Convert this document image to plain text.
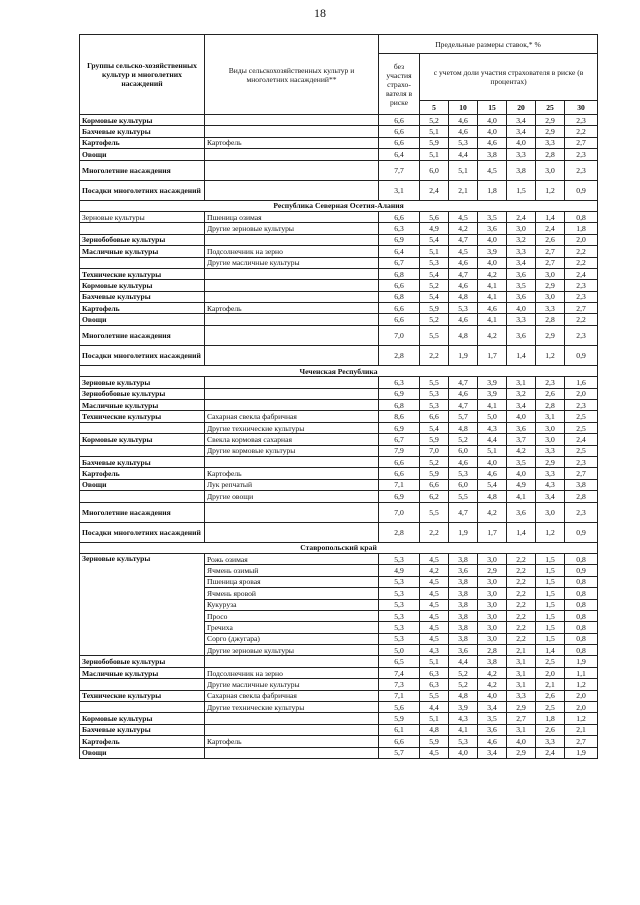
18
Группы сельско-хозяйственных культур и многолетних насаждений	Виды сельскохозяйственных культур и многолетних насаждений**	Предельные размеры ставок,* %						
		без участия страхо-вателя в риске	с учетом доли участия страхователя в риске (в процентах)					
			5	10	15	20	25	30
Кормовые культуры		6,6	5,2	4,6	4,0	3,4	2,9	2,3
Бахчевые культуры		6,6	5,1	4,6	4,0	3,4	2,9	2,2
Картофель	Картофель	6,6	5,9	5,3	4,6	4,0	3,3	2,7
Овощи		6,4	5,1	4,4	3,8	3,3	2,8	2,3
Многолетние насаждения		7,7	6,0	5,1	4,5	3,8	3,0	2,3
Посадки многолетних насаждений		3,1	2,4	2,1	1,8	1,5	1,2	0,9
Республика Северная Осетия-Алания								
Зерновые культуры	Пшеница озимая	6,6	5,6	4,5	3,5	2,4	1,4	0,8
	Другие зерновые культуры	6,3	4,9	4,2	3,6	3,0	2,4	1,8
Зернобобовые культуры		6,9	5,4	4,7	4,0	3,2	2,6	2,0
Масличные культуры	Подсолнечник на зерно	6,4	5,1	4,5	3,9	3,3	2,7	2,2
	Другие масличные культуры	6,7	5,3	4,6	4,0	3,4	2,7	2,2
Технические культуры		6,8	5,4	4,7	4,2	3,6	3,0	2,4
Кормовые культуры		6,6	5,2	4,6	4,1	3,5	2,9	2,3
Бахчевые культуры		6,8	5,4	4,8	4,1	3,6	3,0	2,3
Картофель	Картофель	6,6	5,9	5,3	4,6	4,0	3,3	2,7
Овощи		6,6	5,2	4,6	4,1	3,3	2,8	2,2
Многолетние насаждения		7,0	5,5	4,8	4,2	3,6	2,9	2,3
Посадки многолетних насаждений		2,8	2,2	1,9	1,7	1,4	1,2	0,9
Чеченская Республика								
Зерновые культуры		6,3	5,5	4,7	3,9	3,1	2,3	1,6
Зернобобовые культуры		6,9	5,3	4,6	3,9	3,2	2,6	2,0
Масличные культуры		6,8	5,3	4,7	4,1	3,4	2,8	2,3
Технические культуры	Сахарная свекла фабричная	8,6	6,6	5,7	5,0	4,0	3,1	2,5
	Другие технические культуры	6,9	5,4	4,8	4,3	3,6	3,0	2,5
Кормовые культуры	Свекла кормовая сахарная	6,7	5,9	5,2	4,4	3,7	3,0	2,4
	Другие кормовые культуры	7,9	7,0	6,0	5,1	4,2	3,3	2,5
Бахчевые культуры		6,6	5,2	4,6	4,0	3,5	2,9	2,3
Картофель	Картофель	6,6	5,9	5,3	4,6	4,0	3,3	2,7
Овощи	Лук репчатый	7,1	6,6	6,0	5,4	4,9	4,3	3,8
	Другие овощи	6,9	6,2	5,5	4,8	4,1	3,4	2,8
Многолетние насаждения		7,0	5,5	4,7	4,2	3,6	3,0	2,3
Посадки многолетних насаждений		2,8	2,2	1,9	1,7	1,4	1,2	0,9
Ставропольский край								
Зерновые культуры	Рожь озимая	5,3	4,5	3,8	3,0	2,2	1,5	0,8
	Ячмень озимый	4,9	4,2	3,6	2,9	2,2	1,5	0,9
	Пшеница яровая	5,3	4,5	3,8	3,0	2,2	1,5	0,8
	Ячмень яровой	5,3	4,5	3,8	3,0	2,2	1,5	0,8
	Кукуруза	5,3	4,5	3,8	3,0	2,2	1,5	0,8
	Просо	5,3	4,5	3,8	3,0	2,2	1,5	0,8
	Гречиха	5,3	4,5	3,8	3,0	2,2	1,5	0,8
	Сорго (джугара)	5,3	4,5	3,8	3,0	2,2	1,5	0,8
	Другие зерновые культуры	5,0	4,3	3,6	2,8	2,1	1,4	0,8
Зернобобовые культуры		6,5	5,1	4,4	3,8	3,1	2,5	1,9
Масличные культуры	Подсолнечник на зерно	7,4	6,3	5,2	4,2	3,1	2,0	1,1
	Другие масличные культуры	7,3	6,3	5,2	4,2	3,1	2,1	1,2
Технические культуры	Сахарная свекла фабричная	7,1	5,5	4,8	4,0	3,3	2,6	2,0
	Другие технические культуры	5,6	4,4	3,9	3,4	2,9	2,5	2,0
Кормовые культуры		5,9	5,1	4,3	3,5	2,7	1,8	1,2
Бахчевые культуры		6,1	4,8	4,1	3,6	3,1	2,6	2,1
Картофель	Картофель	6,6	5,9	5,3	4,6	4,0	3,3	2,7
Овощи		5,7	4,5	4,0	3,4	2,9	2,4	1,9
